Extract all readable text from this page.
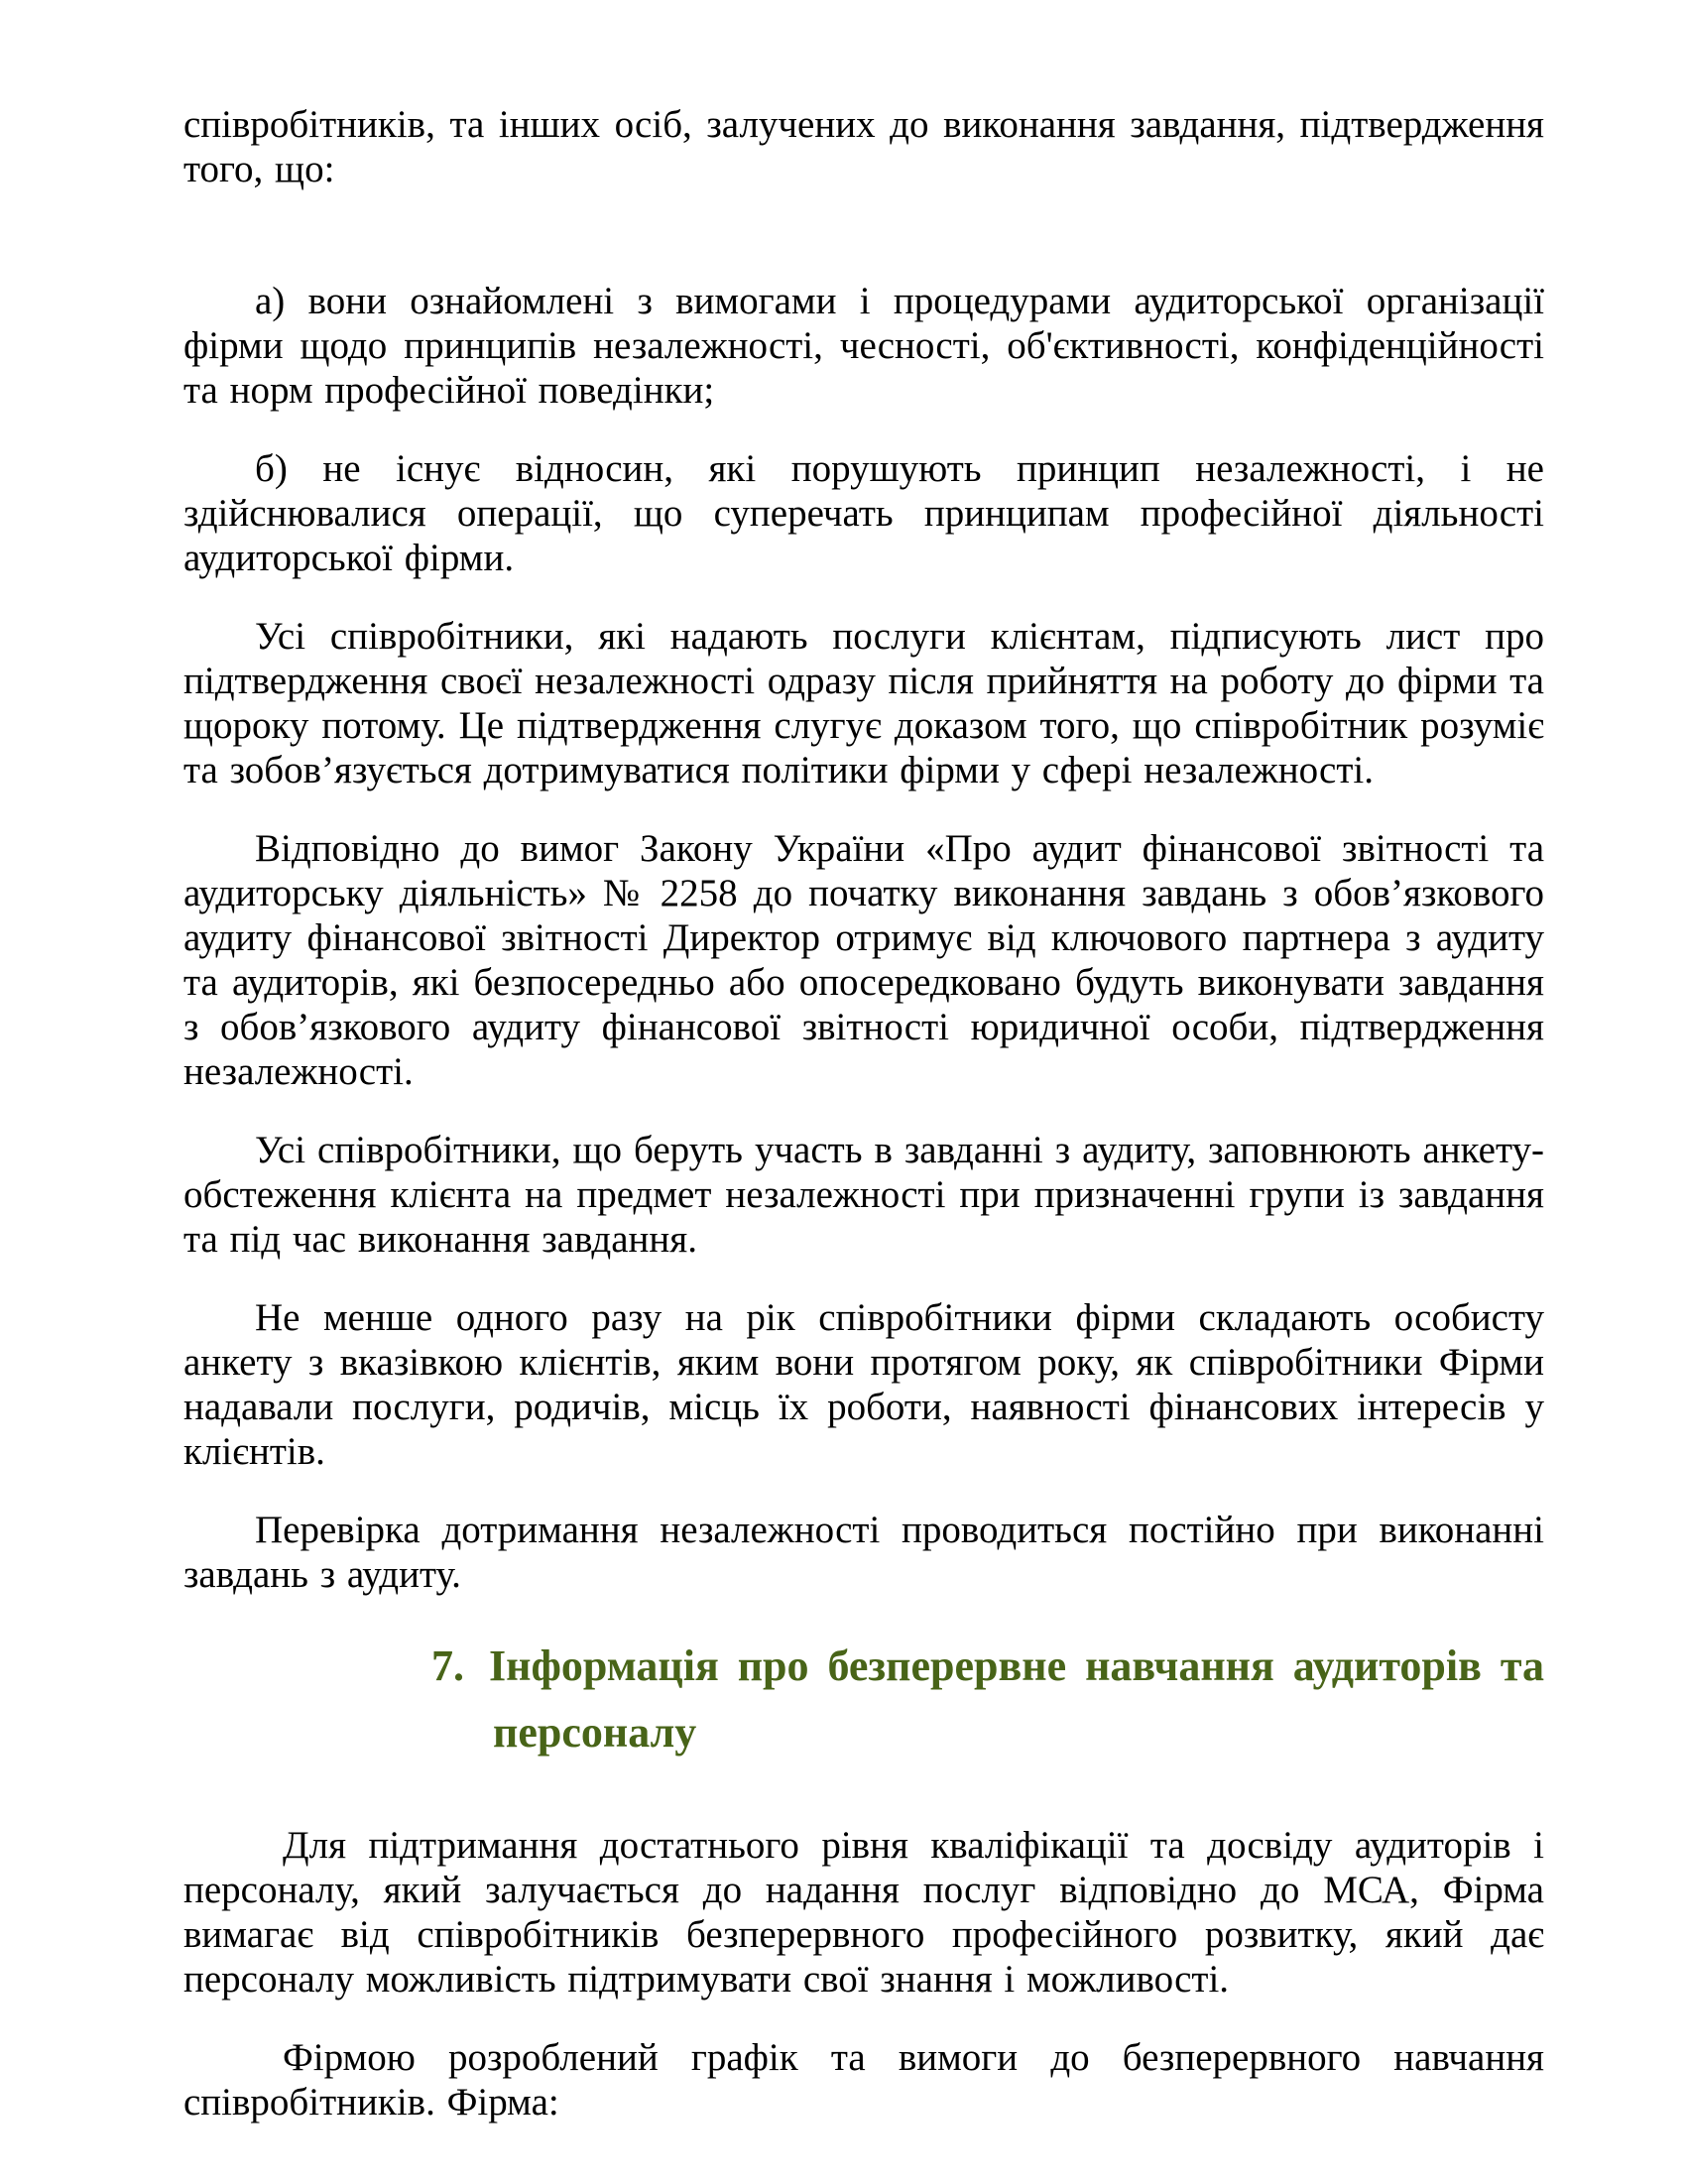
співробітників, та інших осіб, залучених до виконання завдання, підтвердження того, що:

а) вони ознайомлені з вимогами і процедурами аудиторської організації фірми щодо принципів незалежності, чесності, об'єктивності, конфіденційності та норм професійної поведінки;

б) не існує відносин, які порушують принцип незалежності, і не здійснювалися операції, що суперечать принципам професійної діяльності аудиторської фірми.

Усі співробітники, які надають послуги клієнтам, підписують лист про підтвердження своєї незалежності одразу після прийняття на роботу до фірми та щороку потому. Це підтвердження слугує доказом того, що співробітник розуміє та зобов’язується дотримуватися політики фірми у сфері незалежності.

Відповідно до вимог Закону України «Про аудит фінансової звітності та аудиторську діяльність» № 2258 до початку виконання завдань з обов’язкового аудиту фінансової звітності Директор отримує від ключового партнера з аудиту та аудиторів, які безпосередньо або опосередковано будуть виконувати завдання з обов’язкового аудиту фінансової звітності юридичної особи, підтвердження незалежності.

Усі співробітники, що беруть участь в завданні з аудиту, заповнюють анкету-обстеження клієнта на предмет незалежності при призначенні групи із завдання та під час виконання завдання.

Не менше одного разу на рік співробітники фірми складають особисту анкету з вказівкою клієнтів, яким вони протягом року, як співробітники Фірми надавали послуги, родичів, місць їх роботи, наявності фінансових інтересів у клієнтів.

Перевірка дотримання незалежності проводиться постійно при виконанні завдань з аудиту.

7. Інформація про безперервне навчання аудиторів та персоналу

Для підтримання достатнього рівня кваліфікації та досвіду аудиторів і персоналу, який залучається до надання послуг відповідно до МСА, Фірма вимагає від співробітників безперервного професійного розвитку, який дає персоналу можливість підтримувати свої знання і можливості.

Фірмою розроблений графік та вимоги до безперервного навчання співробітників. Фірма:
